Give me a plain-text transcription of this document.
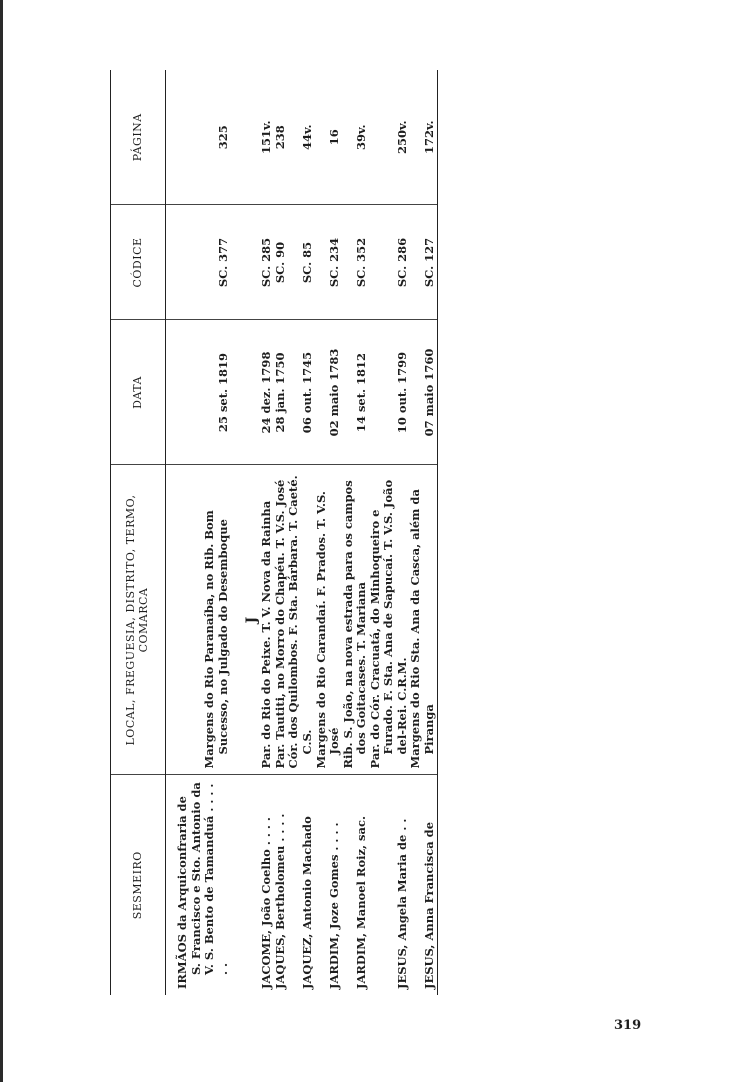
SESMEIRO	LOCAL, FREGUESIA, DISTRITO, TERMO, COMARCA	DATA	CÓDICE	PÁGINA

IRMÃOS da Arquiconfraria de S. Francisco e Sto. Antonio da V. S. Bento de Tamanduá . . . . . .	Margens do Rio Paranaíba, no Rib. Bom Sucesso, no Julgado do Desemboque	25 set. 1819	SC. 377	325
	J			

JACOME, João Coelho . . . .	Par. do Rio do Peixe. T. V. Nova da Rainha	24 dez. 1798	SC. 285	151v.

JAQUES, Bertholomeu . . . .	Par. Tautiti, no Morro do Chapéu. T. V.S. José	28 jan. 1750	SC. 90	238

JAQUEZ, Antonio Machado	Cór. dos Quilombos. F. Sta. Bárbara. T. Caeté. C.S.	06 out. 1745	SC. 85	44v.

JARDIM, Joze Gomes . . . .	Margens do Rio Carandaí. F. Prados. T. V.S. José	02 maio 1783	SC. 234	16

JARDIM, Manoel Roiz, sac.	Rib. S. João, na nova estrada para os campos dos Goitacases. T. Mariana	14 set. 1812	SC. 352	39v.

JESUS, Angela Maria de . .	Par. do Cór. Cracuatá, do Minhoqueiro e Furado. F. Sta. Ana de Sapucaí. T. V.S. João del-Rei. C.R.M.	10 out. 1799	SC. 286	250v.

JESUS, Anna Francisca de	Margens do Rio Sta. Ana da Casca, além da Piranga	07 maio 1760	SC. 127	172v.
319
